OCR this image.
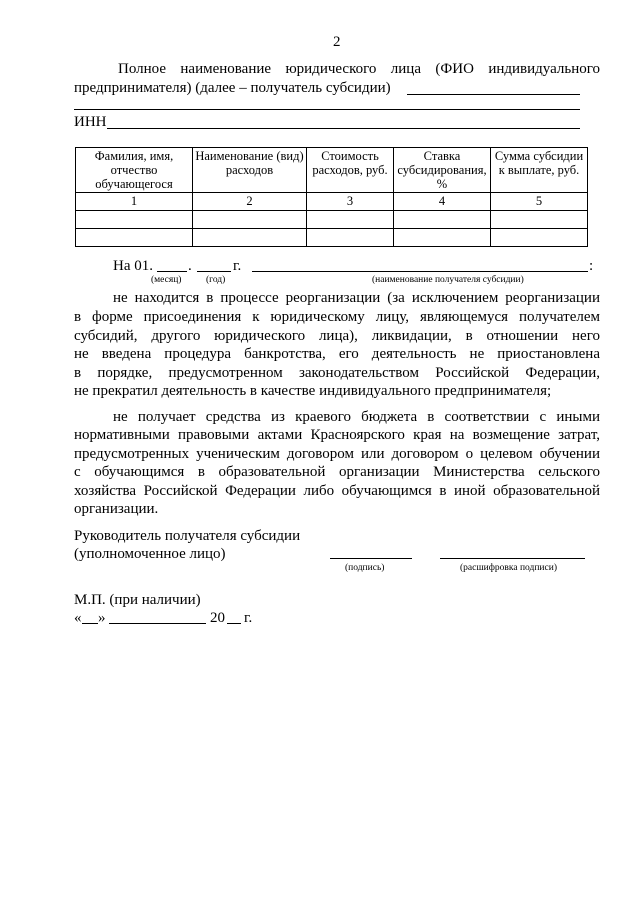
2
Полное наименование юридического лица (ФИО индивидуального
предпринимателя) (далее – получатель субсидии)
ИНН
Фамилия, имя, отчество обучающегося	Наименование (вид) расходов	Стоимость расходов, руб.	Ставка субсидирования, %	Сумма субсидии к выплате, руб.
1	2	3	4	5

На 01. .	г.	:
(месяц)	(год)	(наименование получателя субсидии)
не находится в процессе реорганизации (за исключением реорганизации
в форме присоединения к юридическому лицу, являющемуся получателем
субсидий, другого юридического лица), ликвидации, в отношении него
не введена процедура банкротства, его деятельность не приостановлена
в порядке, предусмотренном законодательством Российской Федерации,
не прекратил деятельность в качестве индивидуального предпринимателя;
не получает средства из краевого бюджета в соответствии с иными
нормативными правовыми актами Красноярского края на возмещение затрат,
предусмотренных ученическим договором или договором о целевом обучении
с обучающимся в образовательной организации Министерства сельского
хозяйства Российской Федерации либо обучающимся в иной образовательной
организации.
Руководитель получателя субсидии
(уполномоченное лицо)
(подпись)	(расшифровка подписи)
М.П. (при наличии)
« »	20 г.
